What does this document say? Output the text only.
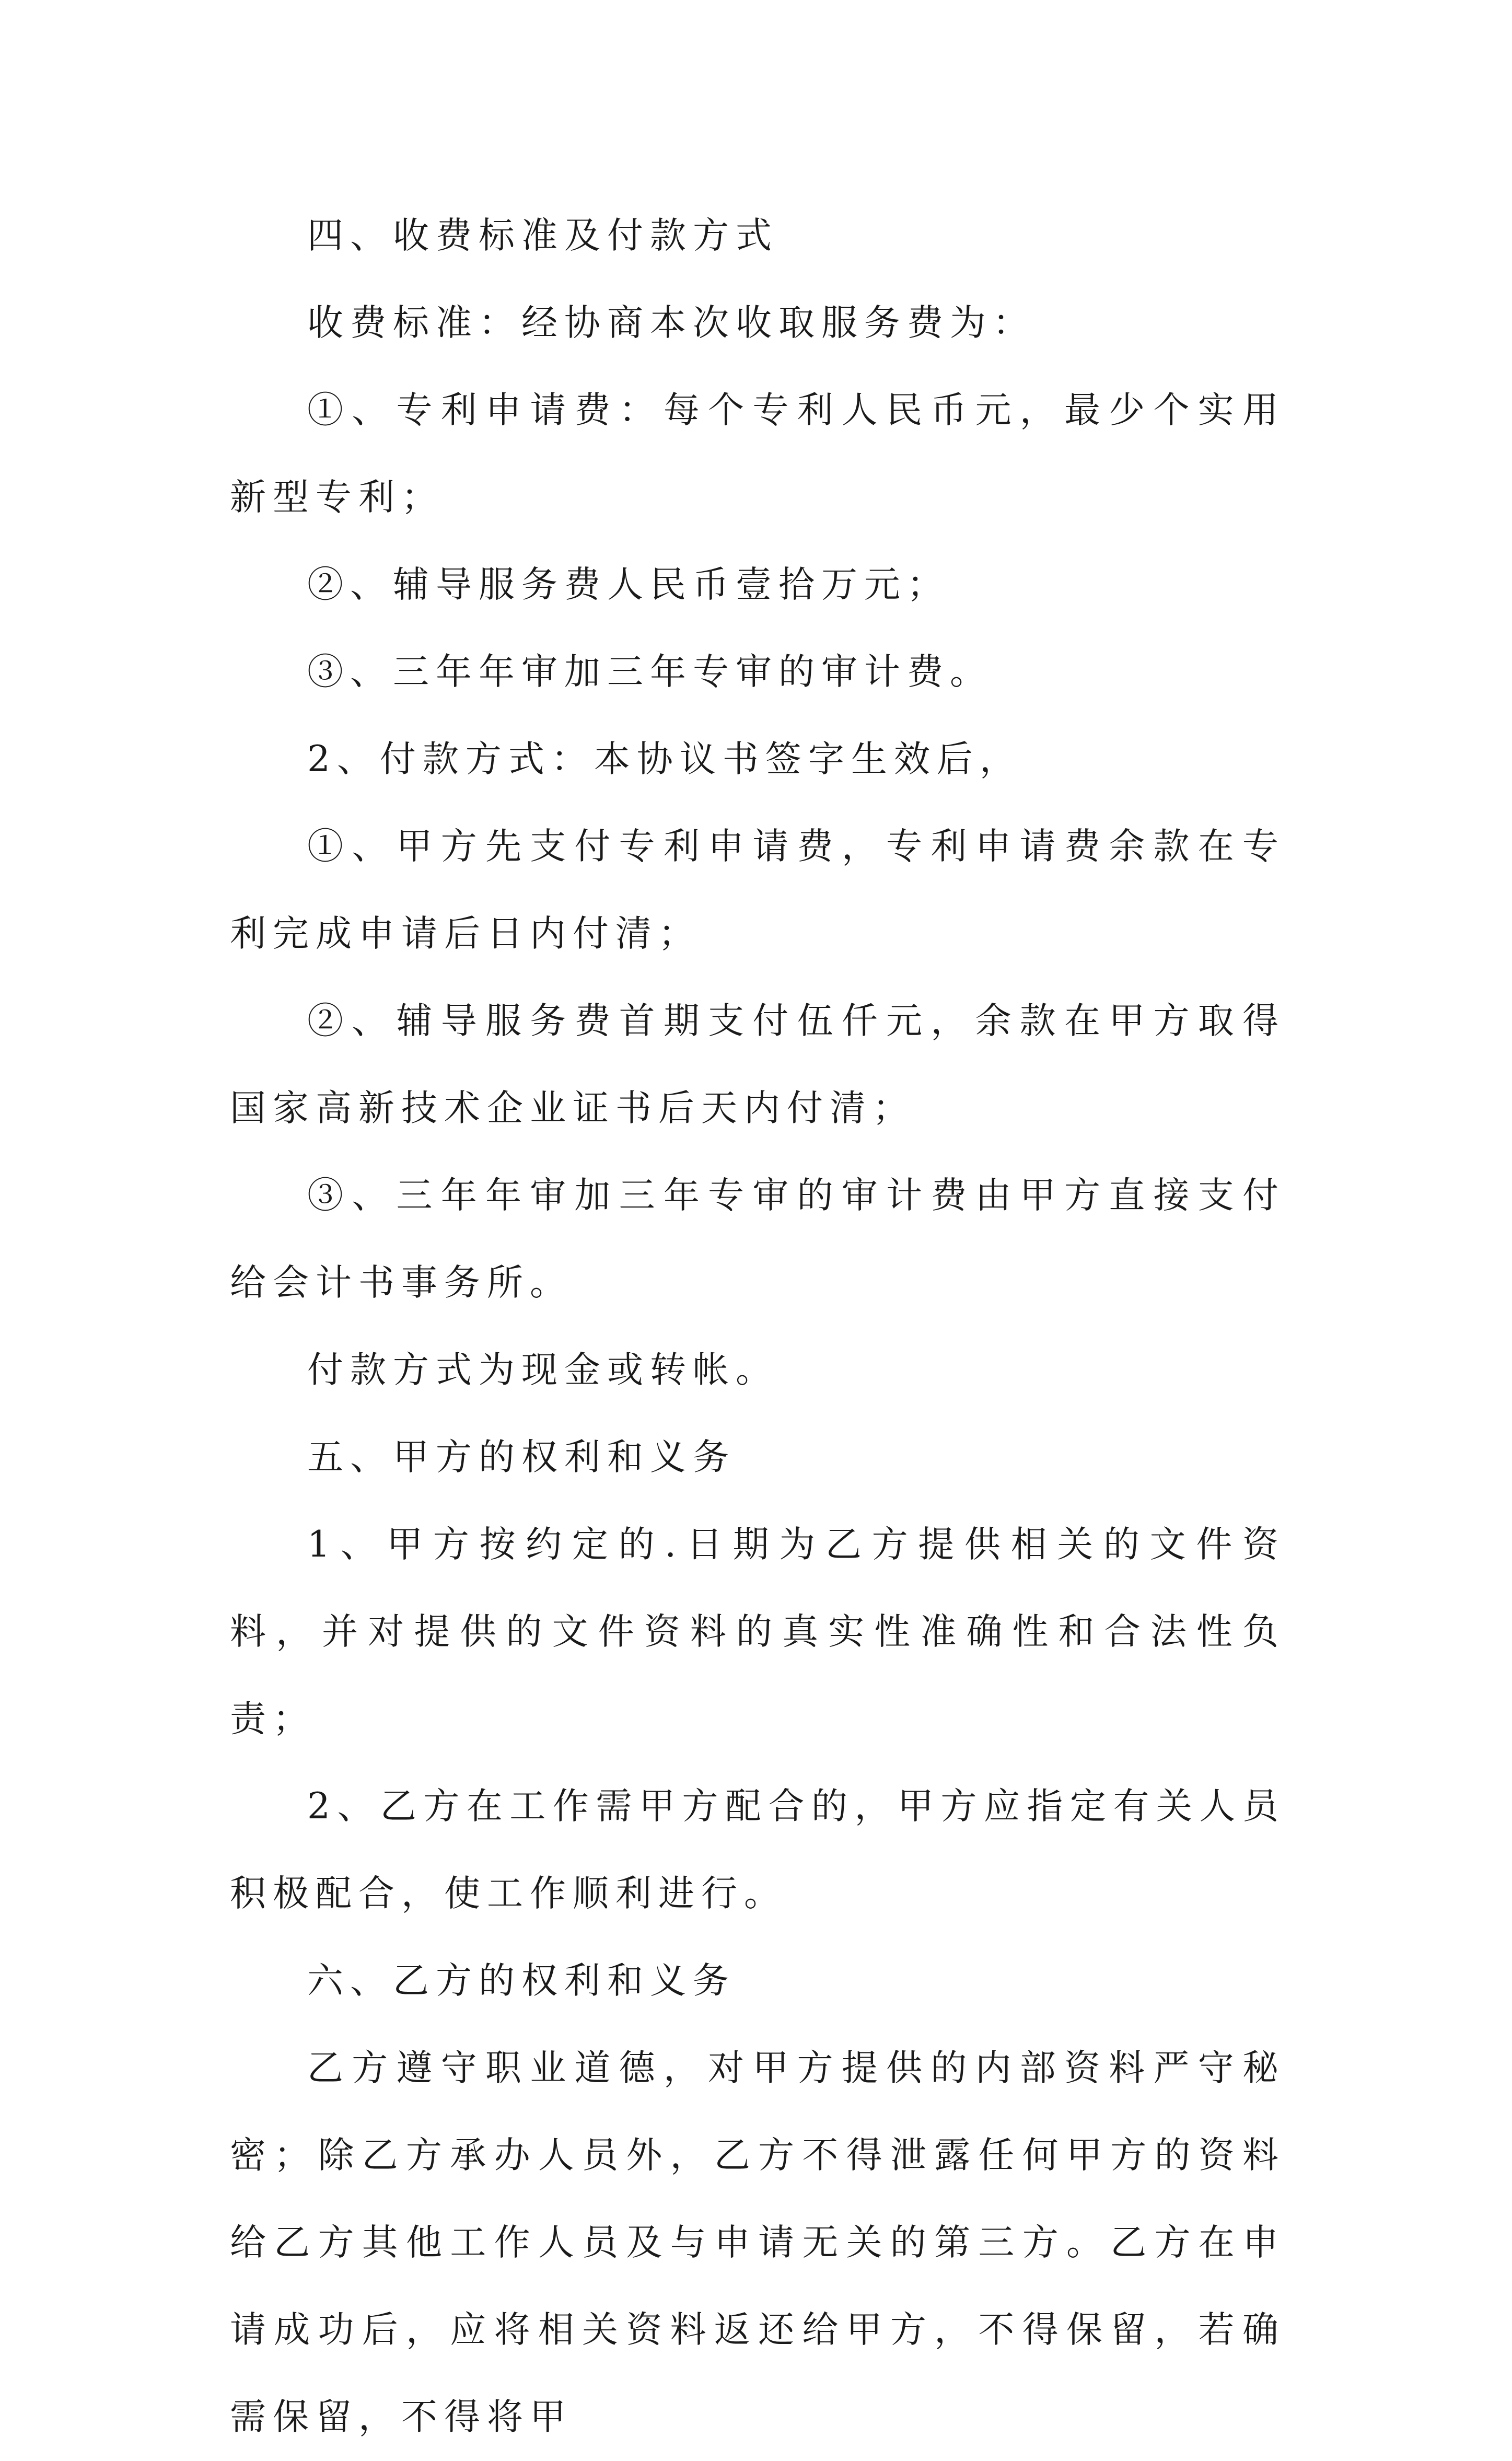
四、收费标准及付款方式

收费标准：经协商本次收取服务费为：

①、专利申请费：每个专利人民币元，最少个实用新型专利；

②、辅导服务费人民币壹拾万元；

③、三年年审加三年专审的审计费。

2、付款方式：本协议书签字生效后，

①、甲方先支付专利申请费，专利申请费余款在专利完成申请后日内付清；

②、辅导服务费首期支付伍仟元，余款在甲方取得国家高新技术企业证书后天内付清；

③、三年年审加三年专审的审计费由甲方直接支付给会计书事务所。

付款方式为现金或转帐。

五、甲方的权利和义务

1、甲方按约定的.日期为乙方提供相关的文件资料，并对提供的文件资料的真实性准确性和合法性负责；

2、乙方在工作需甲方配合的，甲方应指定有关人员积极配合，使工作顺利进行。

六、乙方的权利和义务

乙方遵守职业道德，对甲方提供的内部资料严守秘密；除乙方承办人员外，乙方不得泄露任何甲方的资料给乙方其他工作人员及与申请无关的第三方。乙方在申请成功后，应将相关资料返还给甲方，不得保留，若确需保留，不得将甲
